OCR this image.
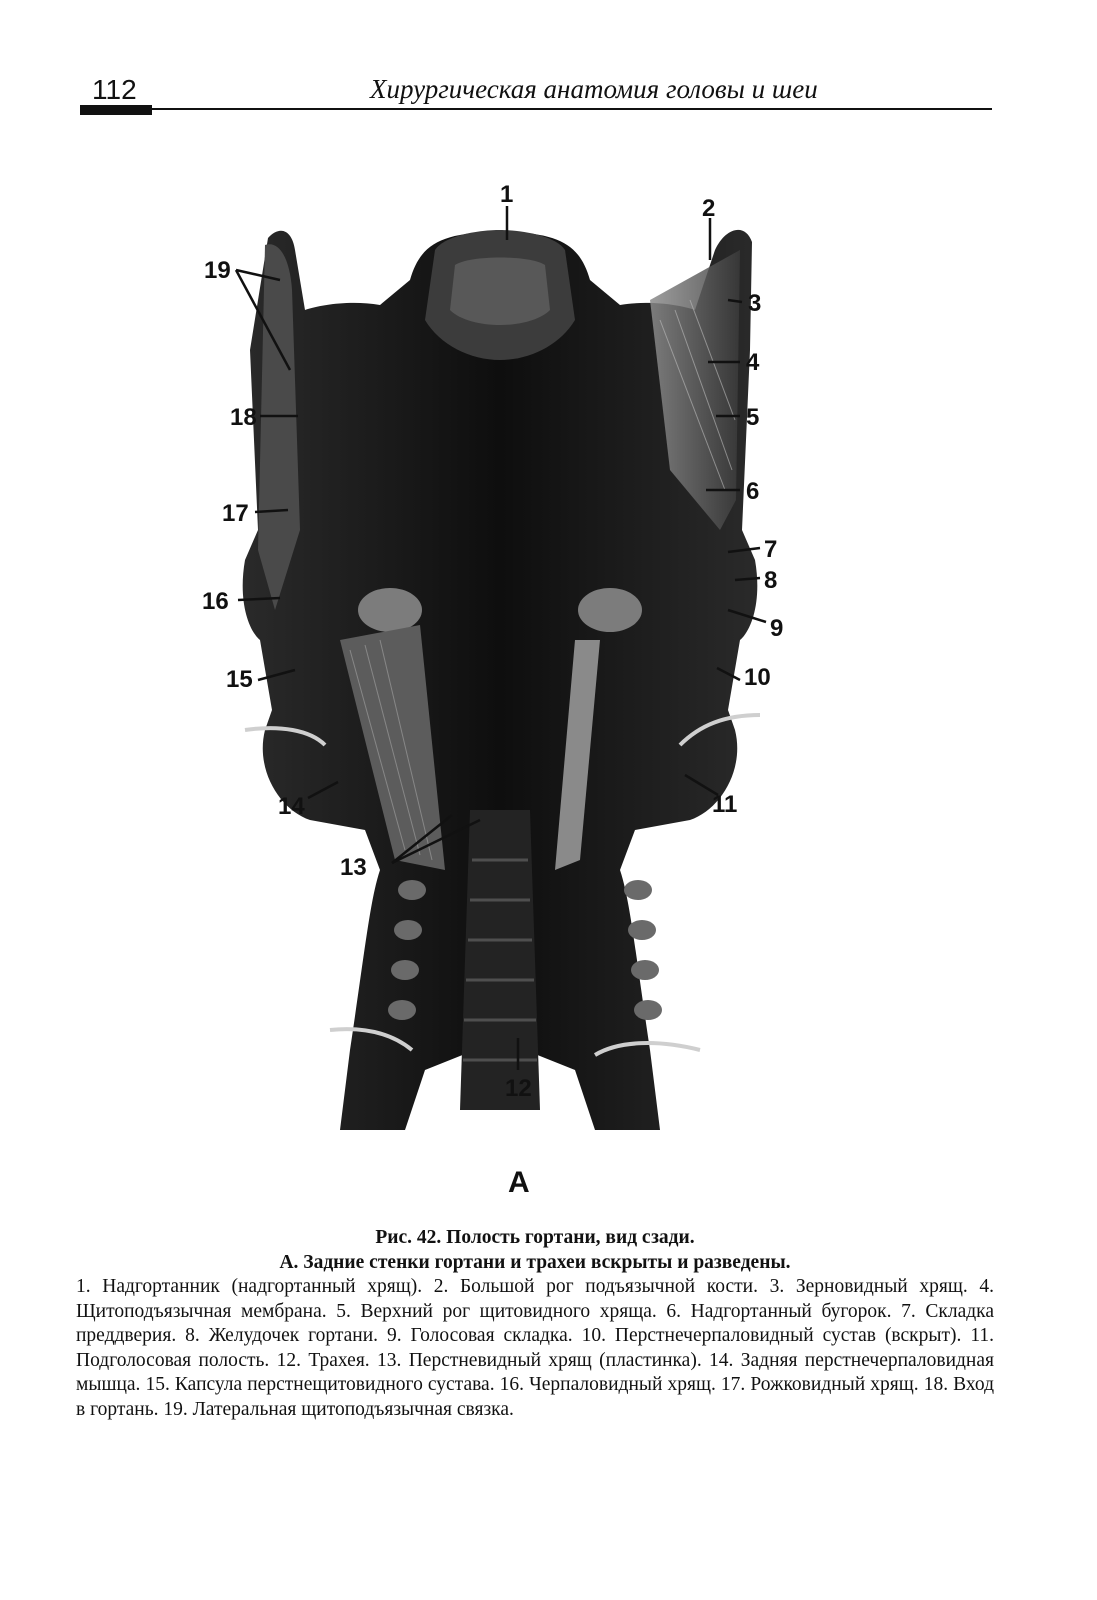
112	Хирургическая анатомия головы и шеи
1
2
3
4
5
6
7
8
9
10
11
12
13
14
15
16
17
18
19
А
Рис. 42. Полость гортани, вид сзади.
А. Задние стенки гортани и трахеи вскрыты и разведены.
1. Надгортанник (надгортанный хрящ). 2. Большой рог подъязычной кости. 3. Зерновидный хрящ. 4. Щитоподъязычная мембрана. 5. Верхний рог щитовидного хряща. 6. Надгортанный бугорок. 7. Складка преддверия. 8. Желудочек гортани. 9. Голосовая складка. 10. Перстнечерпаловидный сустав (вскрыт). 11. Подголосовая полость. 12. Трахея. 13. Перстневидный хрящ (пластинка). 14. Задняя перстнечерпаловидная мышца. 15. Капсула перстнещитовидного сустава. 16. Черпаловидный хрящ. 17. Рожковидный хрящ. 18. Вход в гортань. 19. Латеральная щитоподъязычная связка.
